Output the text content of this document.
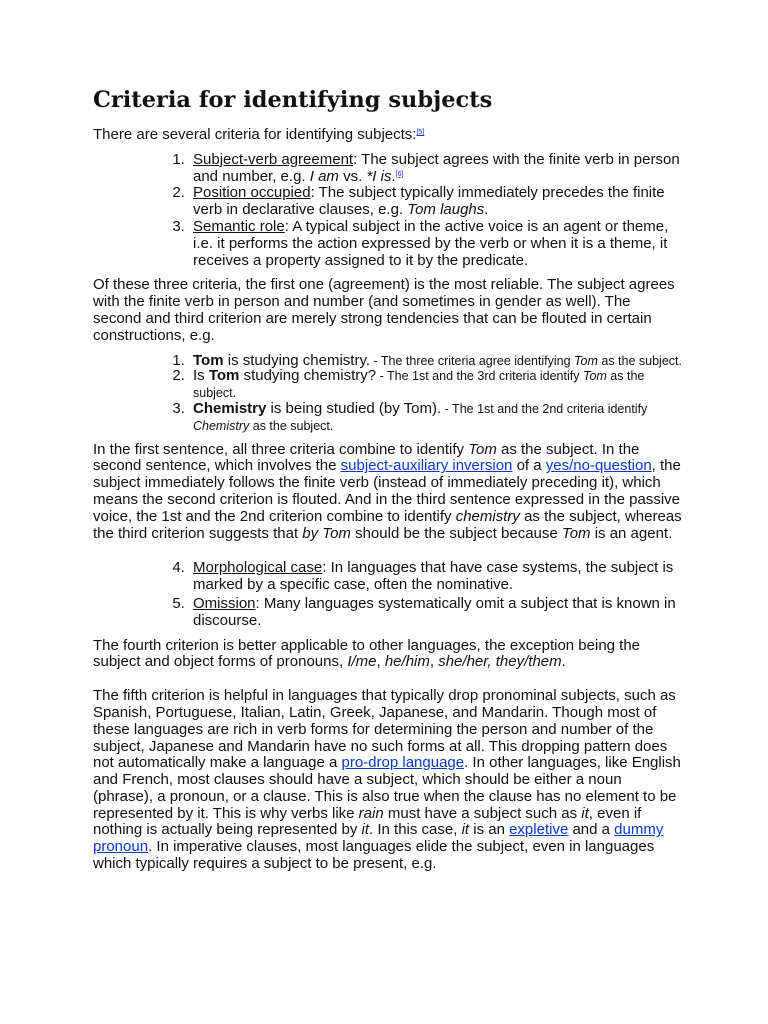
Criteria for identifying subjects

There are several criteria for identifying subjects:[5]

1. Subject-verb agreement: The subject agrees with the finite verb in person and number, e.g. I am vs. *I is.[6]
2. Position occupied: The subject typically immediately precedes the finite verb in declarative clauses, e.g. Tom laughs.
3. Semantic role: A typical subject in the active voice is an agent or theme, i.e. it performs the action expressed by the verb or when it is a theme, it receives a property assigned to it by the predicate.

Of these three criteria, the first one (agreement) is the most reliable. The subject agrees with the finite verb in person and number (and sometimes in gender as well). The second and third criterion are merely strong tendencies that can be flouted in certain constructions, e.g.

1. Tom is studying chemistry. - The three criteria agree identifying Tom as the subject.
2. Is Tom studying chemistry? - The 1st and the 3rd criteria identify Tom as the subject.
3. Chemistry is being studied (by Tom). - The 1st and the 2nd criteria identify Chemistry as the subject.

In the first sentence, all three criteria combine to identify Tom as the subject. In the second sentence, which involves the subject-auxiliary inversion of a yes/no-question, the subject immediately follows the finite verb (instead of immediately preceding it), which means the second criterion is flouted. And in the third sentence expressed in the passive voice, the 1st and the 2nd criterion combine to identify chemistry as the subject, whereas the third criterion suggests that by Tom should be the subject because Tom is an agent.

4. Morphological case: In languages that have case systems, the subject is marked by a specific case, often the nominative.
5. Omission: Many languages systematically omit a subject that is known in discourse.

The fourth criterion is better applicable to other languages, the exception being the subject and object forms of pronouns, I/me, he/him, she/her, they/them.

The fifth criterion is helpful in languages that typically drop pronominal subjects, such as Spanish, Portuguese, Italian, Latin, Greek, Japanese, and Mandarin. Though most of these languages are rich in verb forms for determining the person and number of the subject, Japanese and Mandarin have no such forms at all. This dropping pattern does not automatically make a language a pro-drop language. In other languages, like English and French, most clauses should have a subject, which should be either a noun (phrase), a pronoun, or a clause. This is also true when the clause has no element to be represented by it. This is why verbs like rain must have a subject such as it, even if nothing is actually being represented by it. In this case, it is an expletive and a dummy pronoun. In imperative clauses, most languages elide the subject, even in languages which typically requires a subject to be present, e.g.
